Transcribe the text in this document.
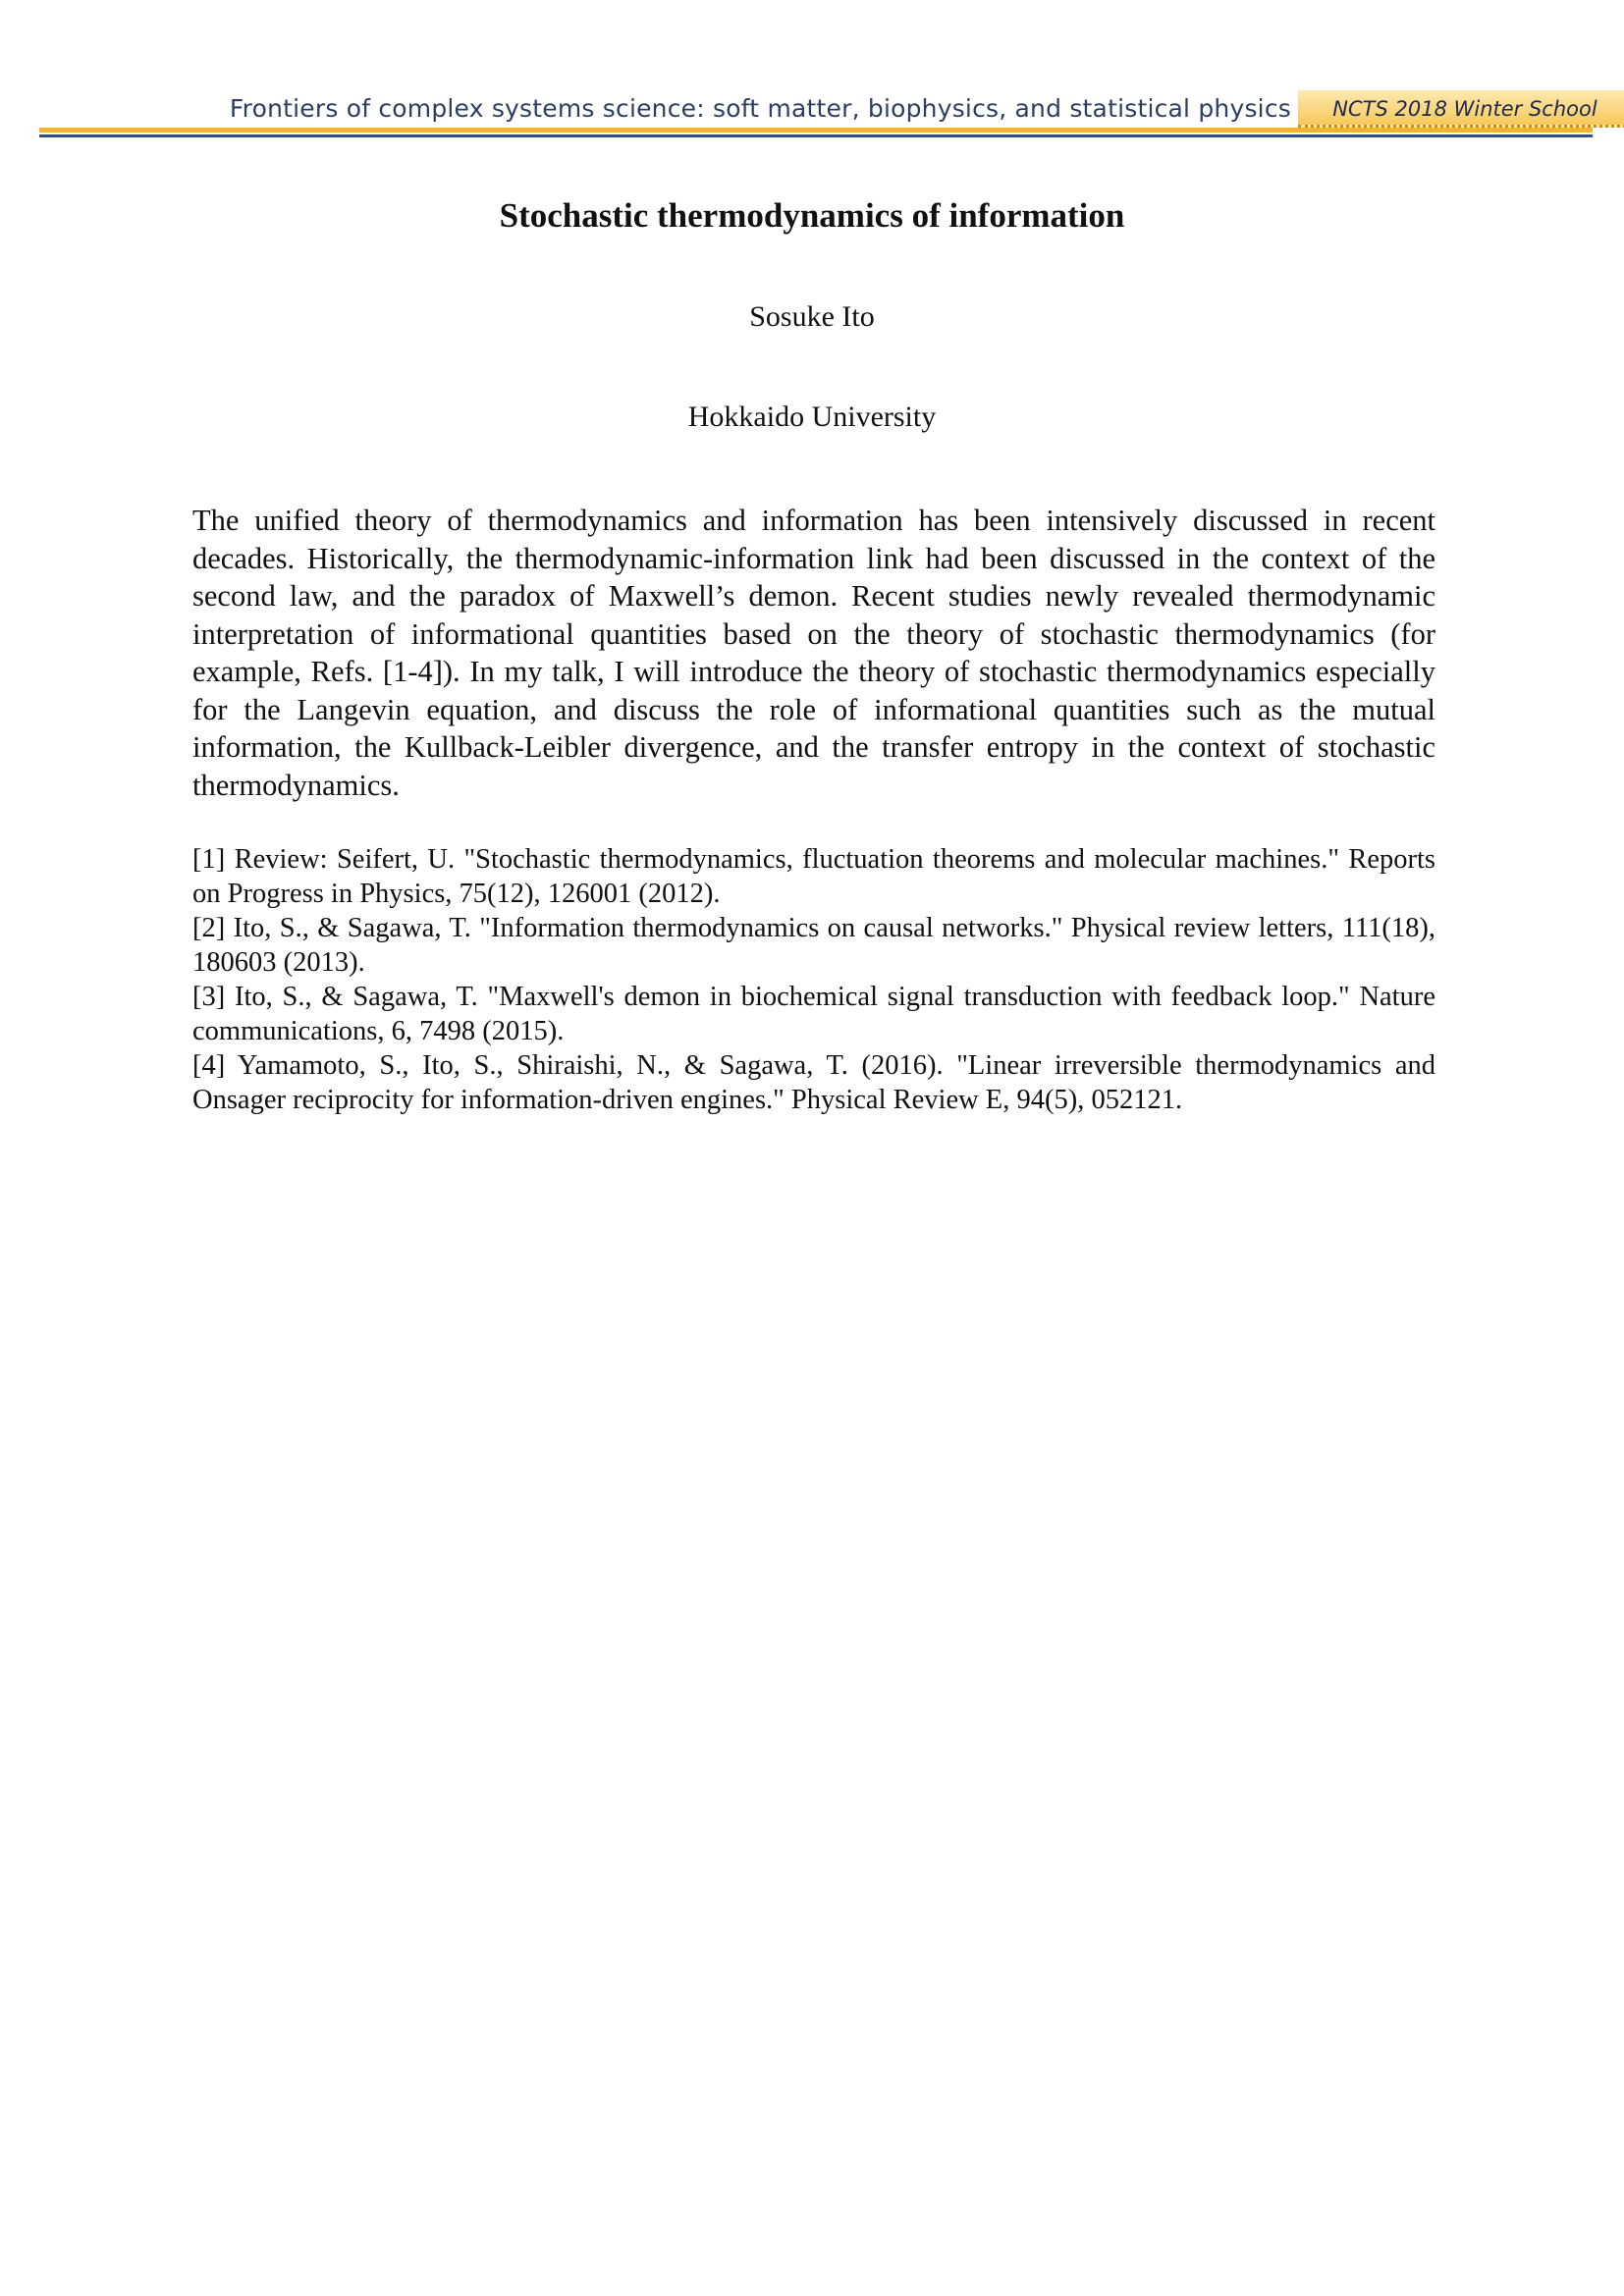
Frontiers of complex systems science: soft matter, biophysics, and statistical physics	NCTS 2018 Winter School
Stochastic thermodynamics of information
Sosuke Ito
Hokkaido University

The unified theory of thermodynamics and information has been intensively discussed in recent decades. Historically, the thermodynamic-information link had been discussed in the context of the second law, and the paradox of Maxwell’s demon. Recent studies newly revealed thermodynamic interpretation of informational quantities based on the theory of stochastic thermodynamics (for example, Refs. [1-4]). In my talk, I will introduce the theory of stochastic thermodynamics especially for the Langevin equation, and discuss the role of informational quantities such as the mutual information, the Kullback-Leibler divergence, and the transfer entropy in the context of stochastic thermodynamics.

[1] Review: Seifert, U. "Stochastic thermodynamics, fluctuation theorems and molecular machines." Reports on Progress in Physics, 75(12), 126001 (2012).
[2] Ito, S., & Sagawa, T. "Information thermodynamics on causal networks." Physical review letters, 111(18), 180603 (2013).
[3] Ito, S., & Sagawa, T. "Maxwell's demon in biochemical signal transduction with feedback loop." Nature communications, 6, 7498 (2015).
[4] Yamamoto, S., Ito, S., Shiraishi, N., & Sagawa, T. (2016). "Linear irreversible thermodynamics and Onsager reciprocity for information-driven engines." Physical Review E, 94(5), 052121.
